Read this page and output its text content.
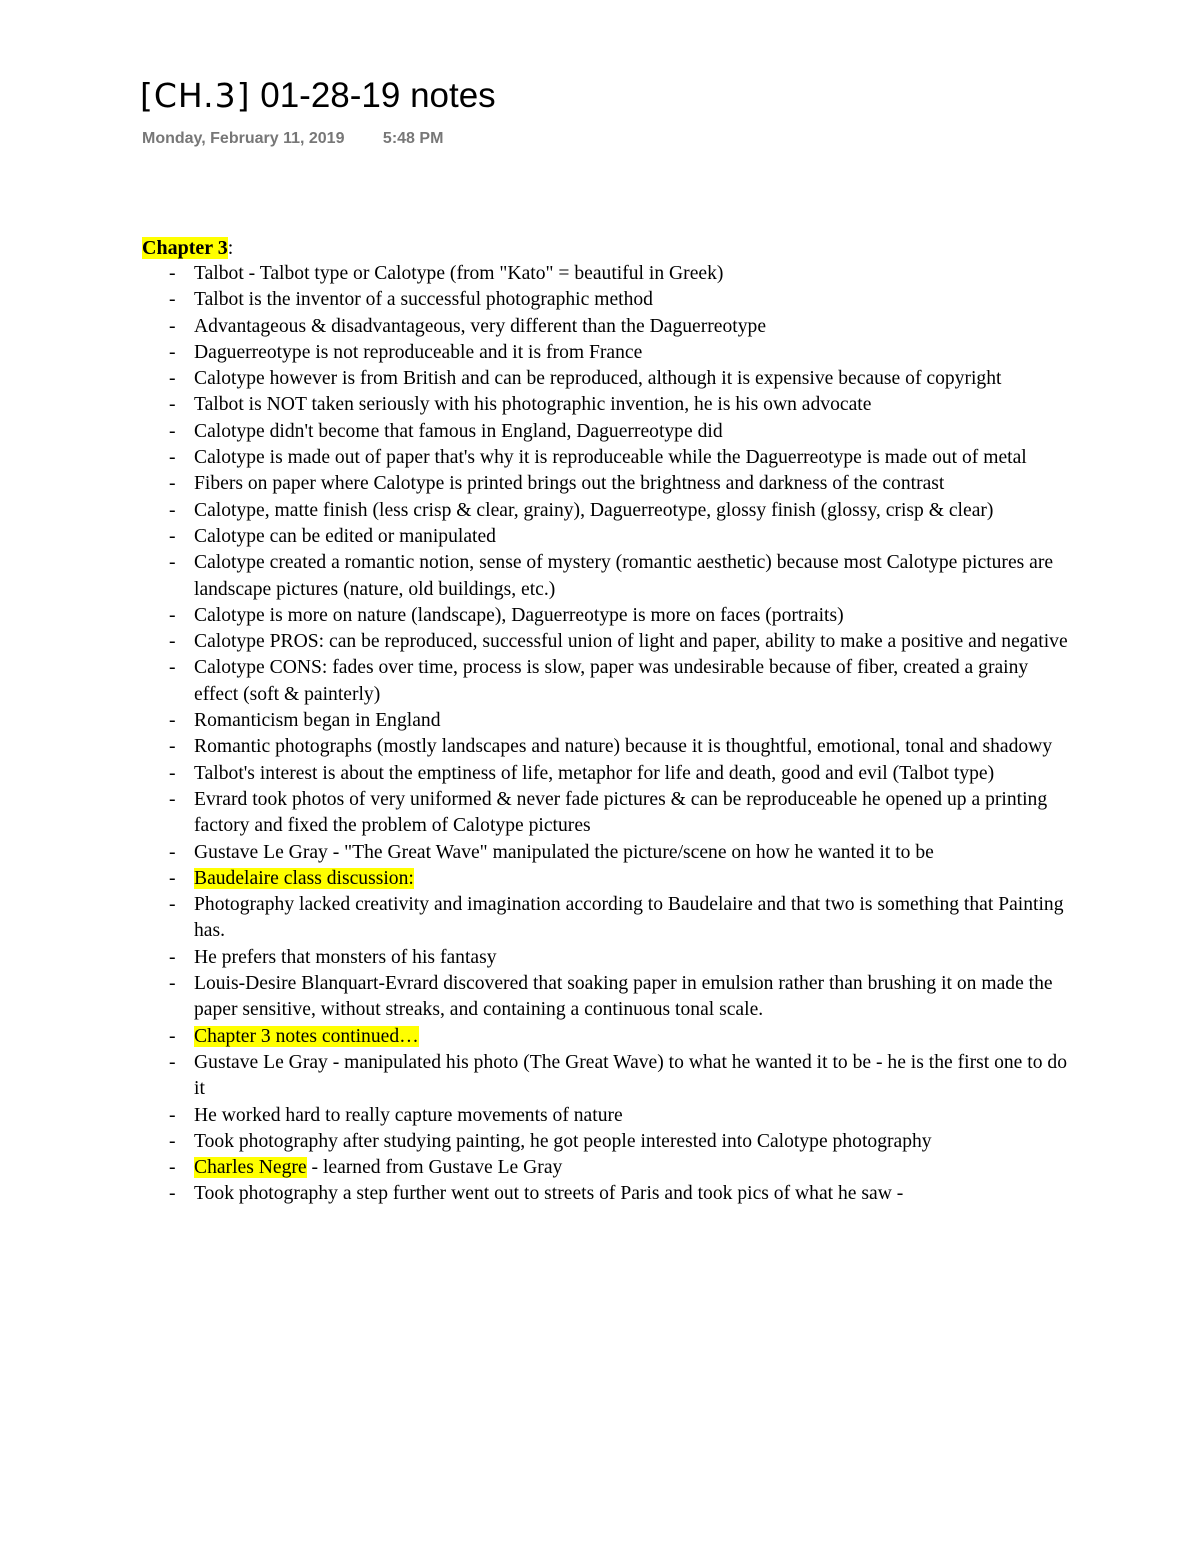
[CH.3] 01-28-19 notes
Monday, February 11, 2019 5:48 PM
Chapter 3:
- Talbot - Talbot type or Calotype (from "Kato" = beautiful in Greek)
- Talbot is the inventor of a successful photographic method
- Advantageous & disadvantageous, very different than the Daguerreotype
- Daguerreotype is not reproduceable and it is from France
- Calotype however is from British and can be reproduced, although it is expensive because of copyright
- Talbot is NOT taken seriously with his photographic invention, he is his own advocate
- Calotype didn't become that famous in England, Daguerreotype did
- Calotype is made out of paper that's why it is reproduceable while the Daguerreotype is made out of metal
- Fibers on paper where Calotype is printed brings out the brightness and darkness of the contrast
- Calotype, matte finish (less crisp & clear, grainy), Daguerreotype, glossy finish (glossy, crisp & clear)
- Calotype can be edited or manipulated
- Calotype created a romantic notion, sense of mystery (romantic aesthetic) because most Calotype pictures are landscape pictures (nature, old buildings, etc.)
- Calotype is more on nature (landscape), Daguerreotype is more on faces (portraits)
- Calotype PROS: can be reproduced, successful union of light and paper, ability to make a positive and negative
- Calotype CONS: fades over time, process is slow, paper was undesirable because of fiber, created a grainy effect (soft & painterly)
- Romanticism began in England
- Romantic photographs (mostly landscapes and nature) because it is thoughtful, emotional, tonal and shadowy
- Talbot's interest is about the emptiness of life, metaphor for life and death, good and evil (Talbot type)
- Evrard took photos of very uniformed & never fade pictures & can be reproduceable he opened up a printing factory and fixed the problem of Calotype pictures
- Gustave Le Gray - "The Great Wave" manipulated the picture/scene on how he wanted it to be
- Baudelaire class discussion:
- Photography lacked creativity and imagination according to Baudelaire and that two is something that Painting has.
- He prefers that monsters of his fantasy
- Louis-Desire Blanquart-Evrard discovered that soaking paper in emulsion rather than brushing it on made the paper sensitive, without streaks, and containing a continuous tonal scale.
- Chapter 3 notes continued…
- Gustave Le Gray - manipulated his photo (The Great Wave) to what he wanted it to be - he is the first one to do it
- He worked hard to really capture movements of nature
- Took photography after studying painting, he got people interested into Calotype photography
- Charles Negre - learned from Gustave Le Gray
- Took photography a step further went out to streets of Paris and took pics of what he saw -
